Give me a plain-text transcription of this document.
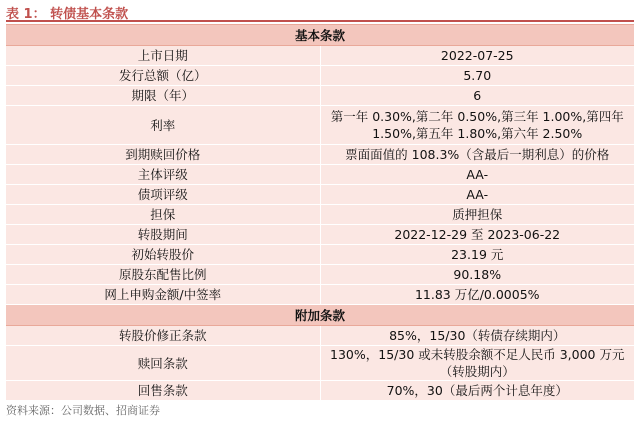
表 1： 转债基本条款
基本条款	
上市日期	2022-07-25
发行总额（亿）	5.70
期限（年）	6
利率	第一年 0.30%,第二年 0.50%,第三年 1.00%,第四年 1.50%,第五年 1.80%,第六年 2.50%
到期赎回价格	票面面值的 108.3%（含最后一期利息）的价格
主体评级	AA-
债项评级	AA-
担保	质押担保
转股期间	2022-12-29 至 2023-06-22
初始转股价	23.19 元
原股东配售比例	90.18%
网上申购金额/中签率	11.83 万亿/0.0005%
附加条款	
转股价修正条款	85%，15/30（转债存续期内）
赎回条款	130%，15/30 或未转股余额不足人民币 3,000 万元（转股期内）
回售条款	70%，30（最后两个计息年度）
资料来源：公司数据、招商证券
